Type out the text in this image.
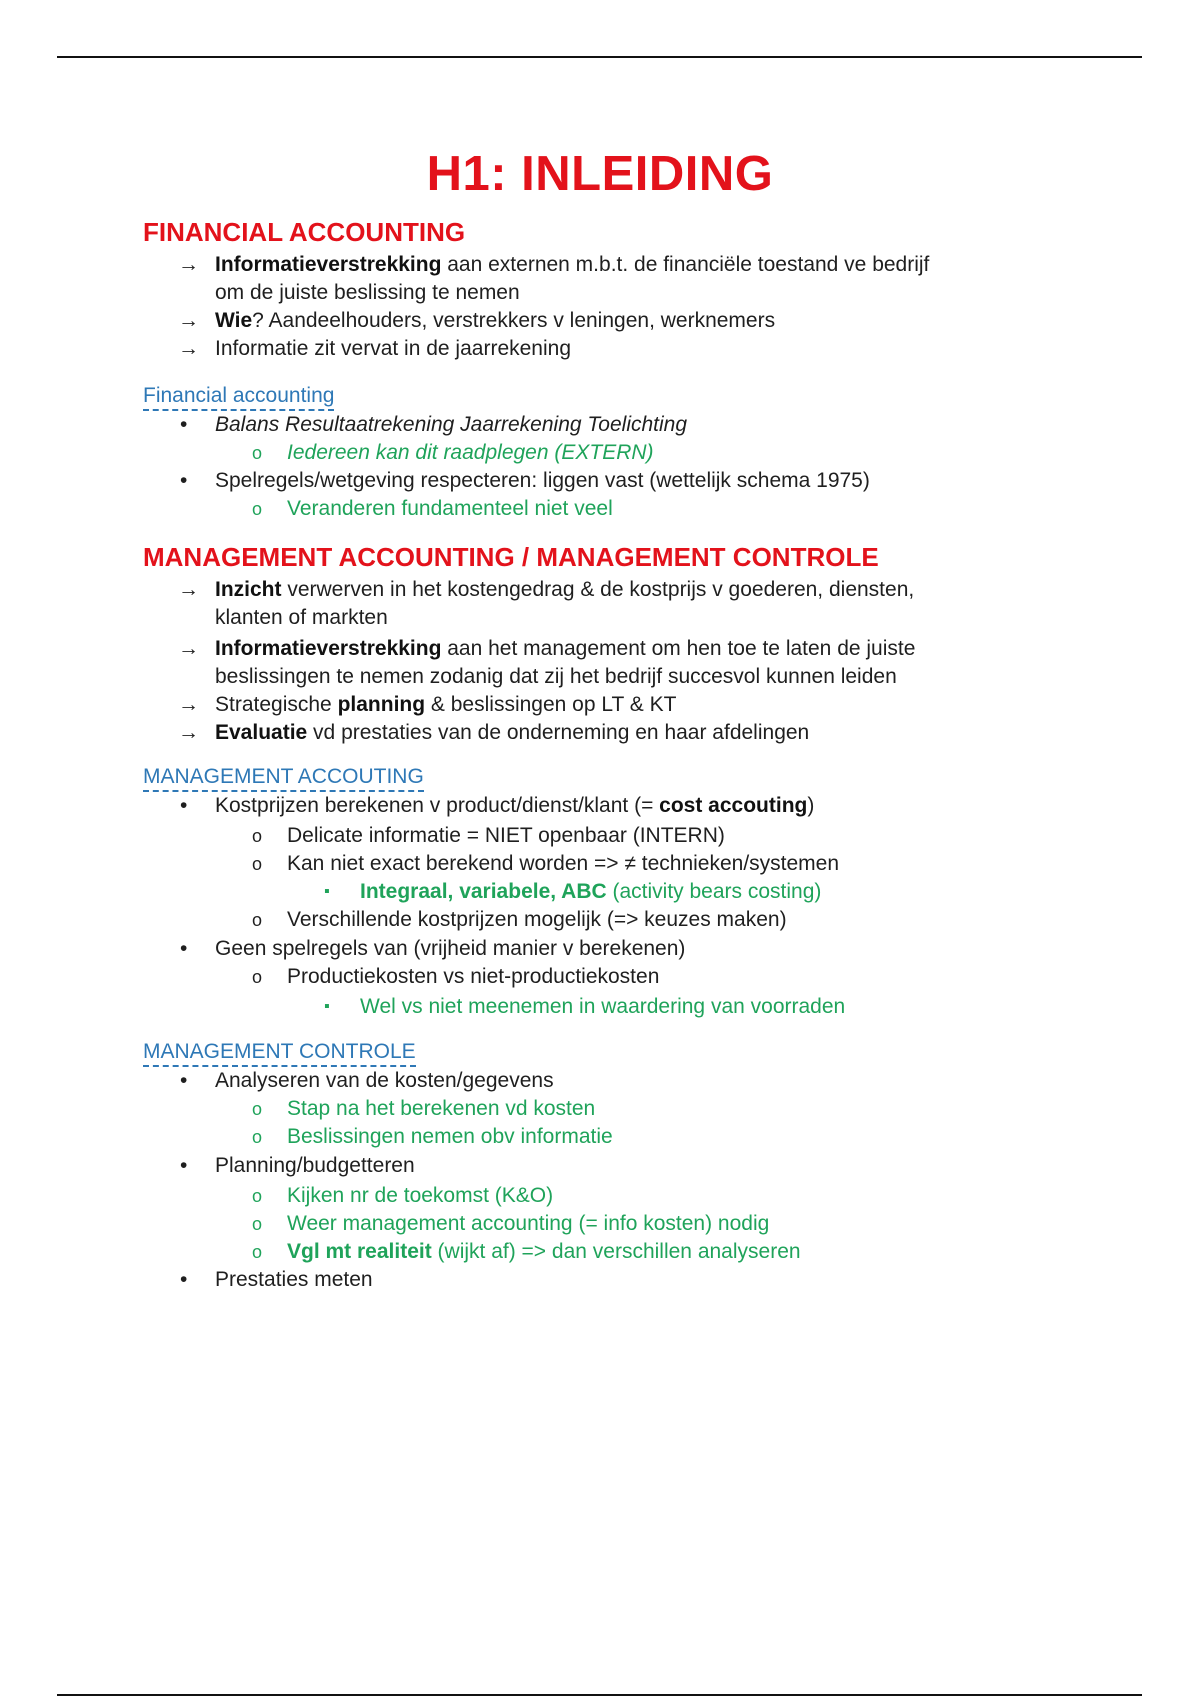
H1: INLEIDING
FINANCIAL ACCOUNTING
→ Informatieverstrekking aan externen m.b.t. de financiële toestand ve bedrijf
om de juiste beslissing te nemen
→ Wie? Aandeelhouders, verstrekkers v leningen, werknemers
→ Informatie zit vervat in de jaarrekening
Financial accounting
• Balans Resultaatrekening Jaarrekening Toelichting
o Iedereen kan dit raadplegen (EXTERN)
• Spelregels/wetgeving respecteren: liggen vast (wettelijk schema 1975)
o Veranderen fundamenteel niet veel
MANAGEMENT ACCOUNTING / MANAGEMENT CONTROLE
→ Inzicht verwerven in het kostengedrag & de kostprijs v goederen, diensten,
klanten of markten
→ Informatieverstrekking aan het management om hen toe te laten de juiste
beslissingen te nemen zodanig dat zij het bedrijf succesvol kunnen leiden
→ Strategische planning & beslissingen op LT & KT
→ Evaluatie vd prestaties van de onderneming en haar afdelingen
MANAGEMENT ACCOUTING
• Kostprijzen berekenen v product/dienst/klant (= cost accouting)
o Delicate informatie = NIET openbaar (INTERN)
o Kan niet exact berekend worden => ≠ technieken/systemen
▪ Integraal, variabele, ABC (activity bears costing)
o Verschillende kostprijzen mogelijk (=> keuzes maken)
• Geen spelregels van (vrijheid manier v berekenen)
o Productiekosten vs niet-productiekosten
▪ Wel vs niet meenemen in waardering van voorraden
MANAGEMENT CONTROLE
• Analyseren van de kosten/gegevens
o Stap na het berekenen vd kosten
o Beslissingen nemen obv informatie
• Planning/budgetteren
o Kijken nr de toekomst (K&O)
o Weer management accounting (= info kosten) nodig
o Vgl mt realiteit (wijkt af) => dan verschillen analyseren
• Prestaties meten
